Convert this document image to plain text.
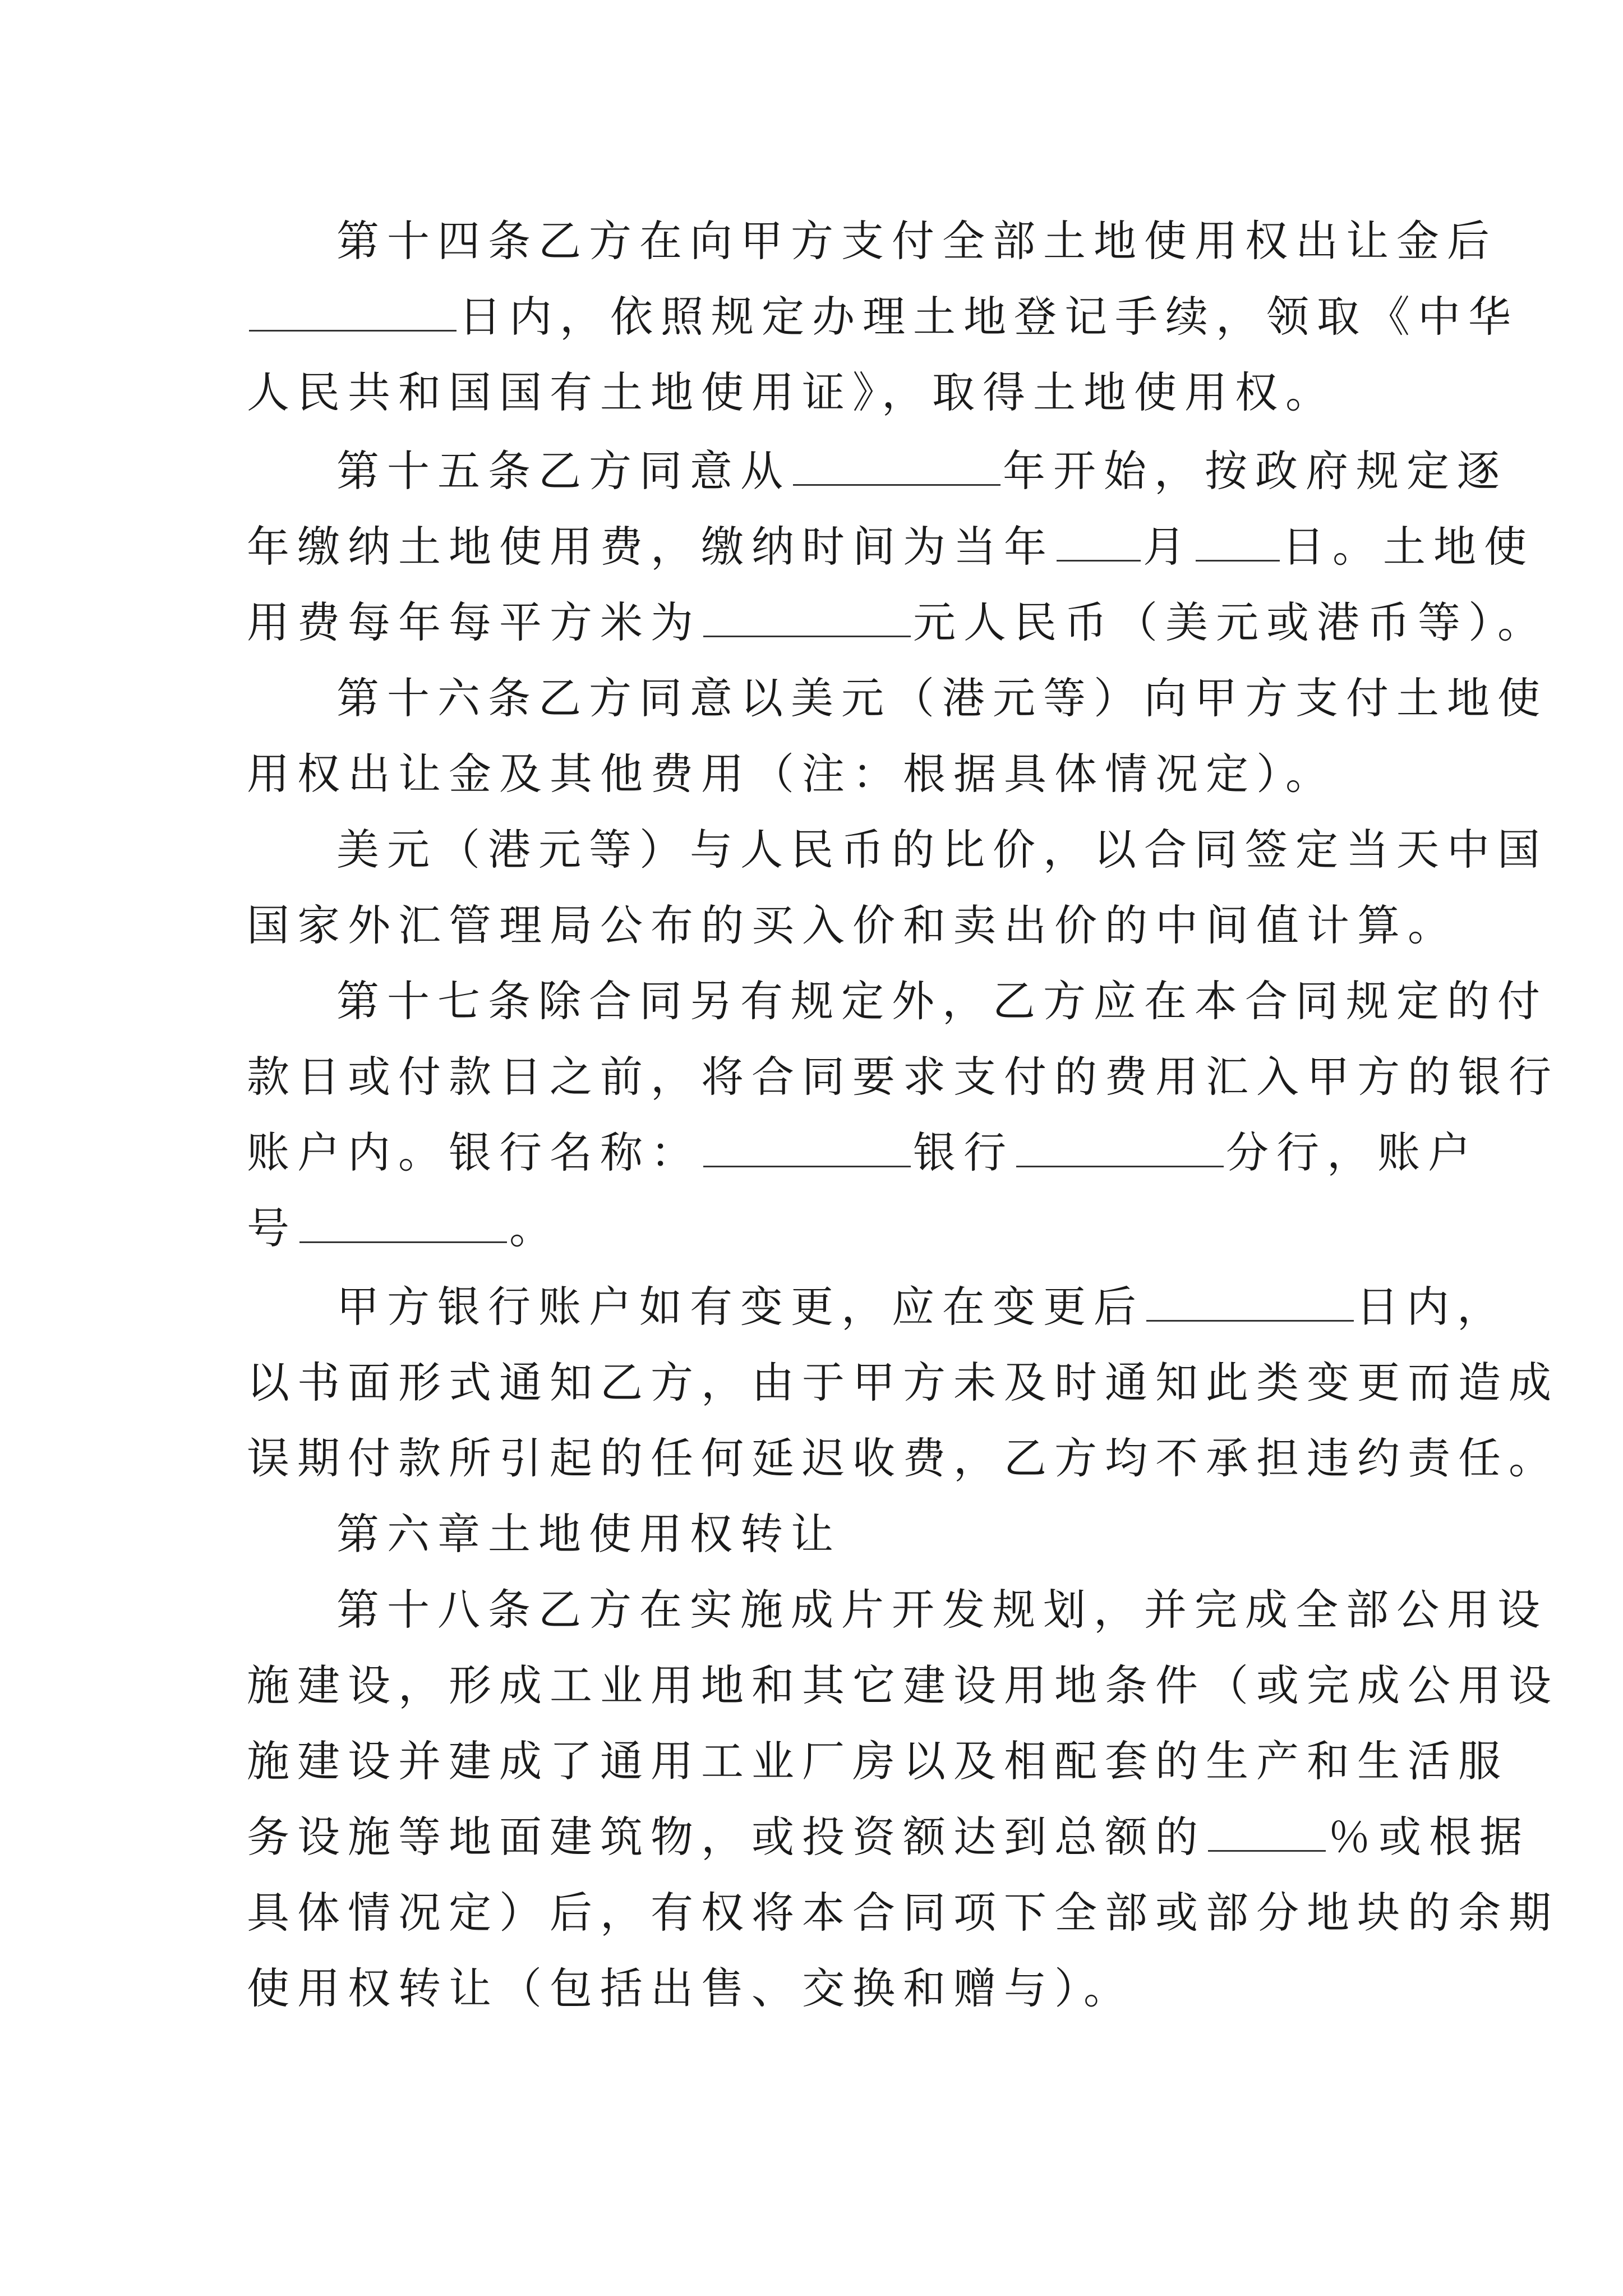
第十四条乙方在向甲方支付全部土地使用权出让金后
日内，依照规定办理土地登记手续，领取《中华
人民共和国国有土地使用证》，取得土地使用权。
第十五条乙方同意从	年开始，按政府规定逐
年缴纳土地使用费，缴纳时间为当年 月 日。土地使
用费每年每平方米为	元人民币（美元或港币等）。
第十六条乙方同意以美元（港元等）向甲方支付土地使
用权出让金及其他费用（注：根据具体情况定）。
美元（港元等）与人民币的比价，以合同签定当天中国
国家外汇管理局公布的买入价和卖出价的中间值计算。
第十七条除合同另有规定外，乙方应在本合同规定的付
款日或付款日之前，将合同要求支付的费用汇入甲方的银行
账户内。银行名称：	银行	分行，账户
号	。
甲方银行账户如有变更，应在变更后	日内，
以书面形式通知乙方，由于甲方未及时通知此类变更而造成
误期付款所引起的任何延迟收费，乙方均不承担违约责任。
第六章土地使用权转让
第十八条乙方在实施成片开发规划，并完成全部公用设
施建设，形成工业用地和其它建设用地条件（或完成公用设
施建设并建成了通用工业厂房以及相配套的生产和生活服
务设施等地面建筑物，或投资额达到总额的	％或根据
具体情况定）后，有权将本合同项下全部或部分地块的余期
使用权转让（包括出售、交换和赠与）。
